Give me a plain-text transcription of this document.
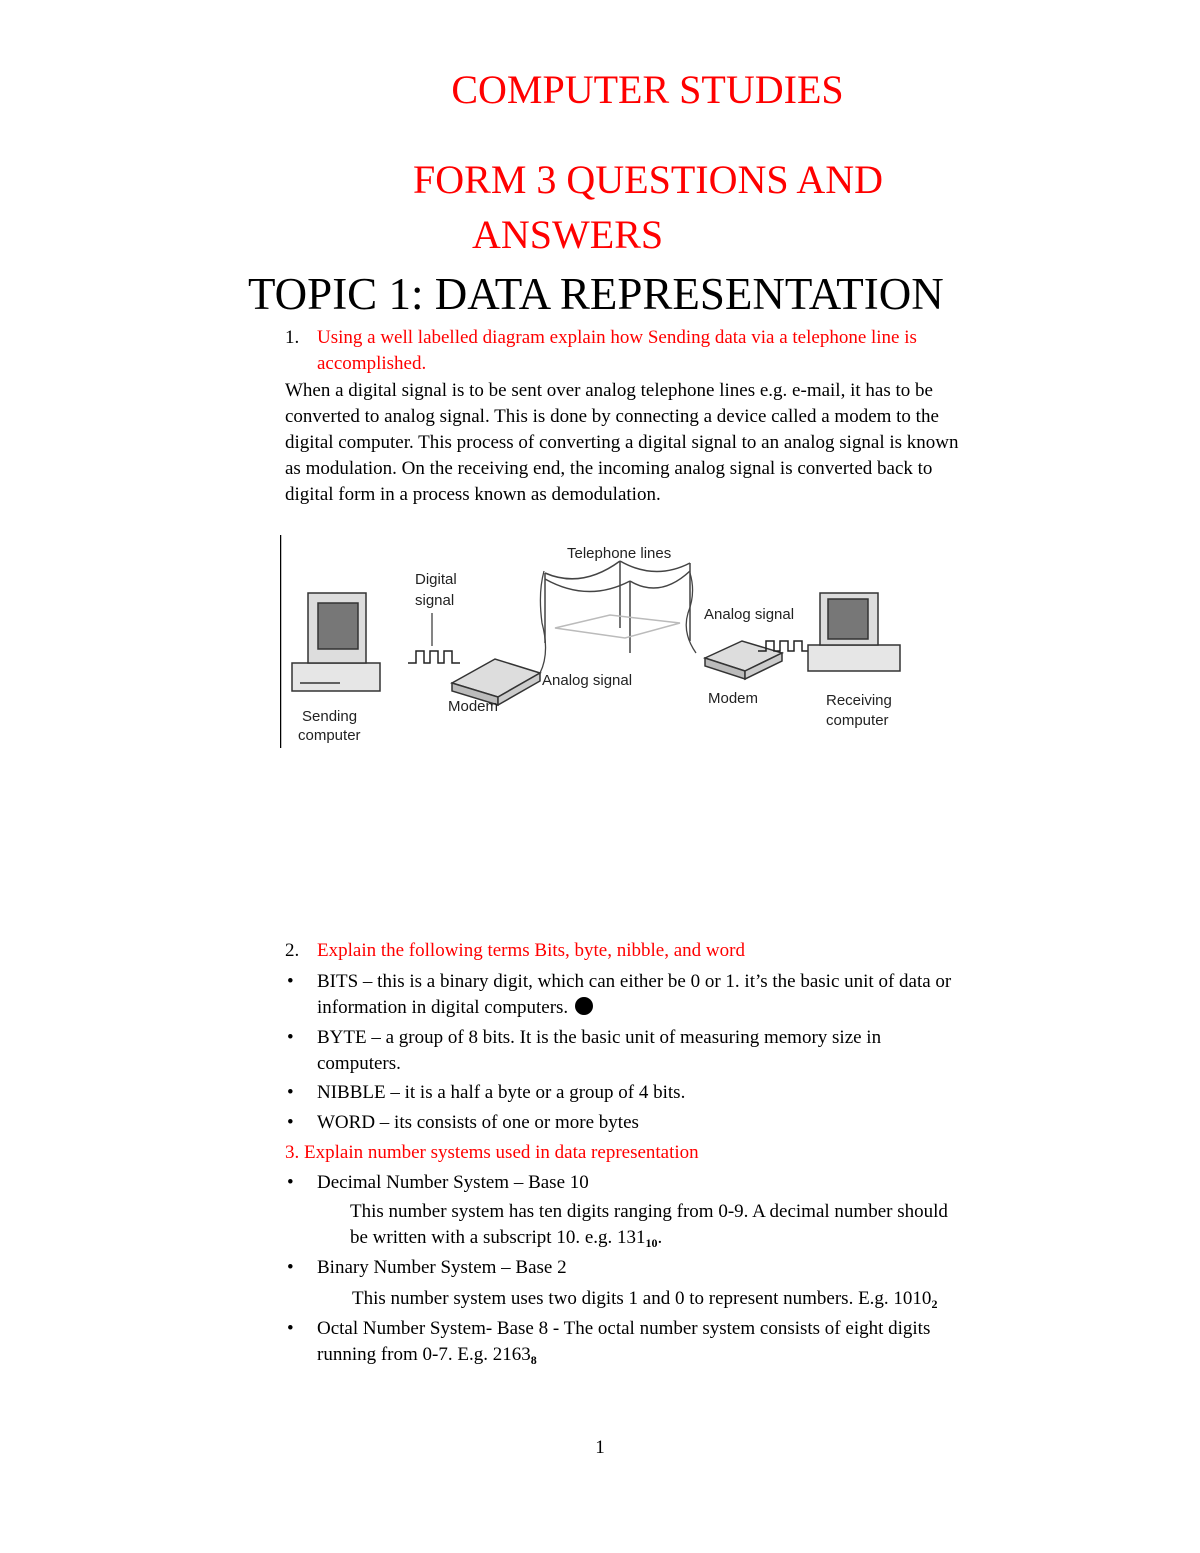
COMPUTER STUDIES
FORM 3 QUESTIONS AND
ANSWERS
TOPIC 1: DATA REPRESENTATION
1. Using a well labelled diagram explain how Sending data via a telephone line is
accomplished.
When a digital signal is to be sent over analog telephone lines e.g. e-mail, it has to be
converted to analog signal. This is done by connecting a device called a modem to the
digital computer. This process of converting a digital signal to an analog signal is known
as modulation. On the receiving end, the incoming analog signal is converted back to
digital form in a process known as demodulation.
Sending
computer
Digital
signal
Modem
Analog signal
Telephone lines
Analog signal
Modem	Receiving
computer
2. Explain the following terms Bits, byte, nibble, and word
• BITS – this is a binary digit, which can either be 0 or 1. it’s the basic unit of data or
information in digital computers.
• BYTE – a group of 8 bits. It is the basic unit of measuring memory size in
computers.
• NIBBLE – it is a half a byte or a group of 4 bits.
• WORD – its consists of one or more bytes
3. Explain number systems used in data representation
• Decimal Number System – Base 10
This number system has ten digits ranging from 0-9. A decimal number should
be written with a subscript 10. e.g. $131_{10}$.
• Binary Number System – Base 2
This number system uses two digits 1 and 0 to represent numbers. E.g. $1010_2$
• Octal Number System- Base 8 - The octal number system consists of eight digits
running from 0-7. E.g. $2163_8$
1
